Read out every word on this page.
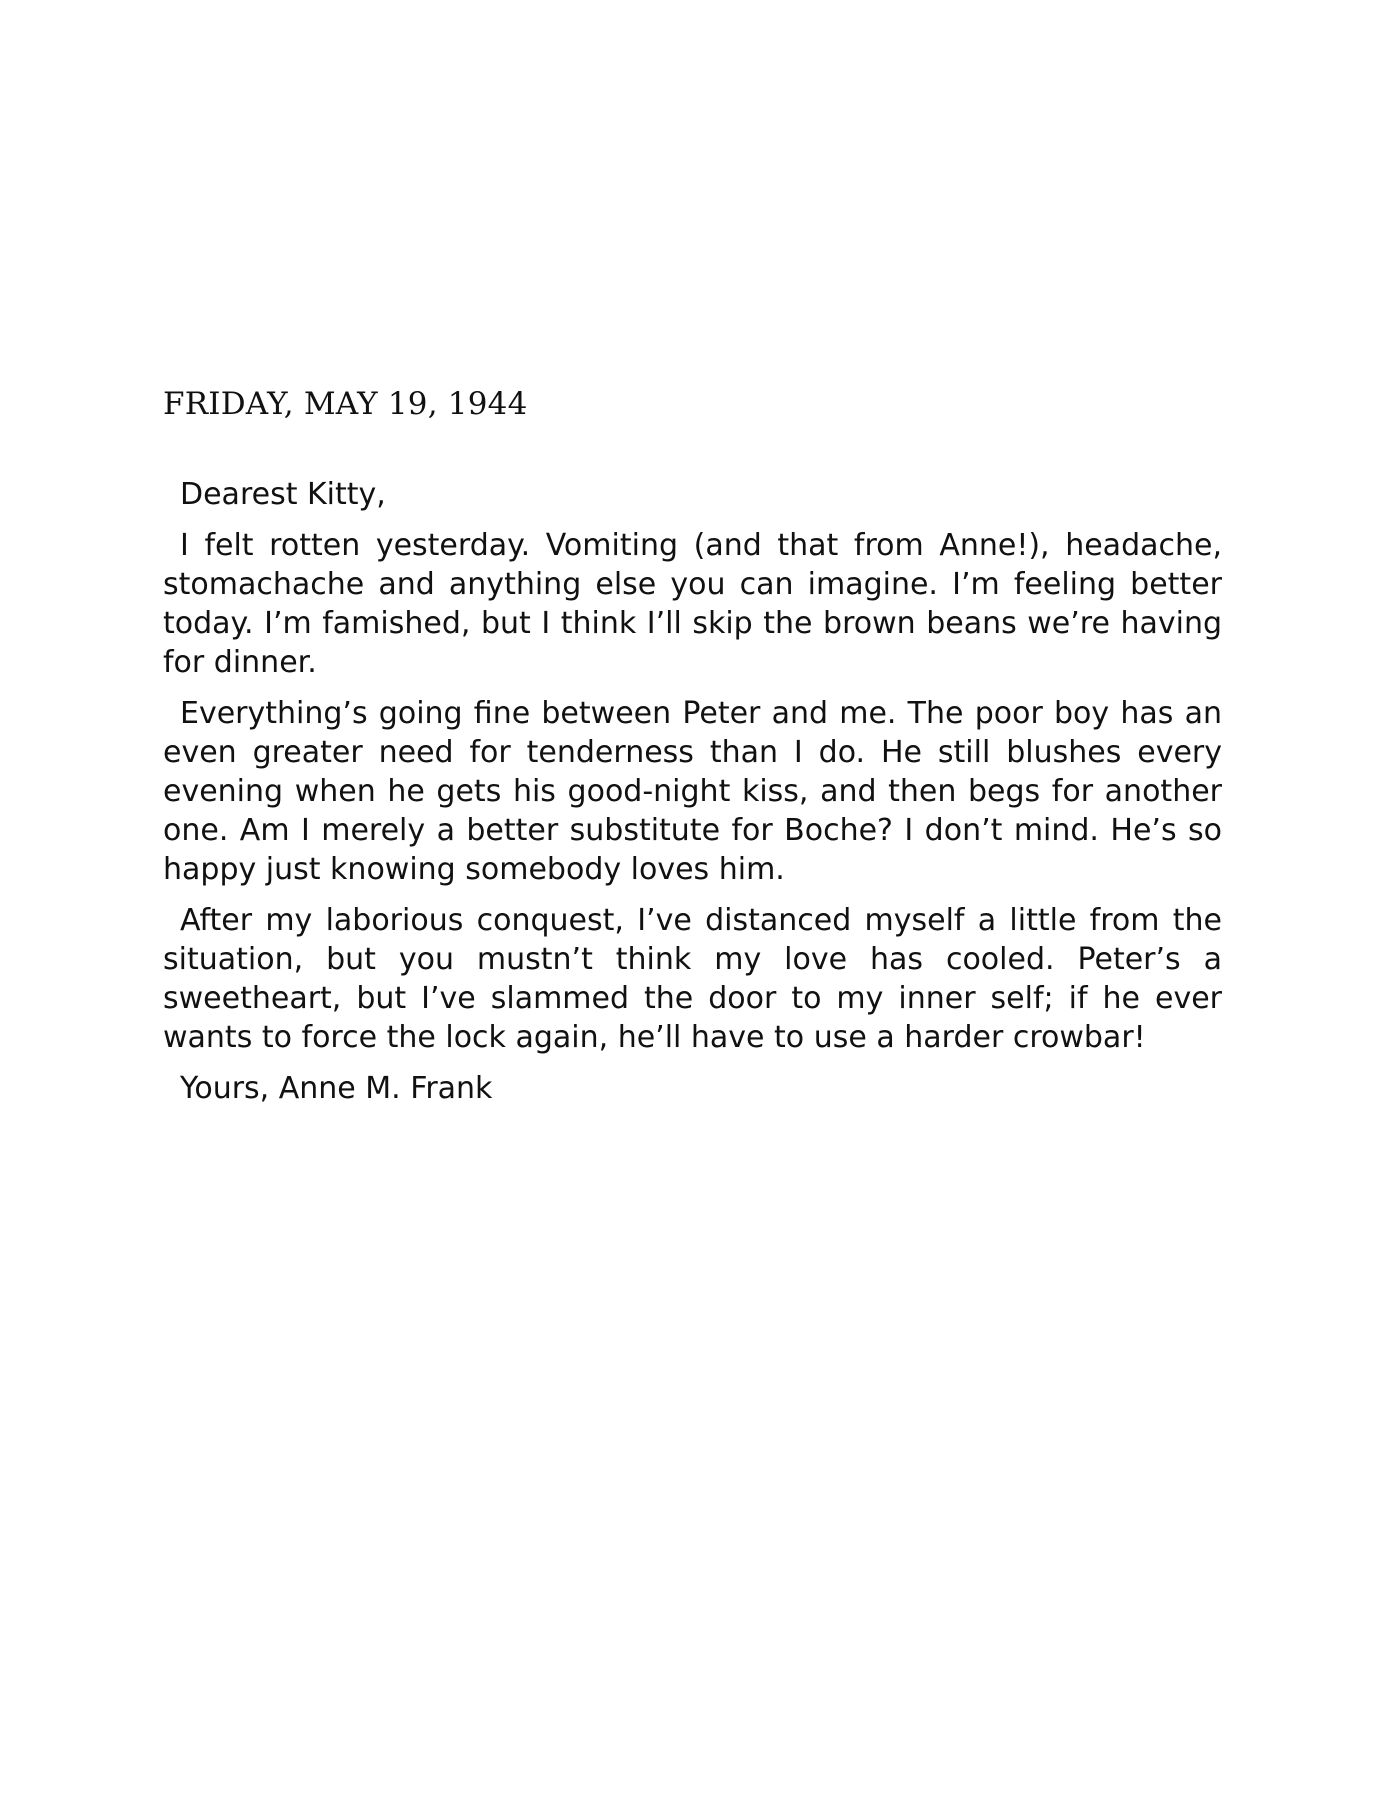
FRIDAY, MAY 19, 1944

Dearest Kitty,

I felt rotten yesterday. Vomiting (and that from Anne!), headache, stomachache and anything else you can imagine. I’m feeling better today. I’m famished, but I think I’ll skip the brown beans we’re having for dinner.

Everything’s going fine between Peter and me. The poor boy has an even greater need for tenderness than I do. He still blushes every evening when he gets his good-night kiss, and then begs for another one. Am I merely a better substitute for Boche? I don’t mind. He’s so happy just knowing somebody loves him.

After my laborious conquest, I’ve distanced myself a little from the situation, but you mustn’t think my love has cooled. Peter’s a sweetheart, but I’ve slammed the door to my inner self; if he ever wants to force the lock again, he’ll have to use a harder crowbar!

Yours, Anne M. Frank
